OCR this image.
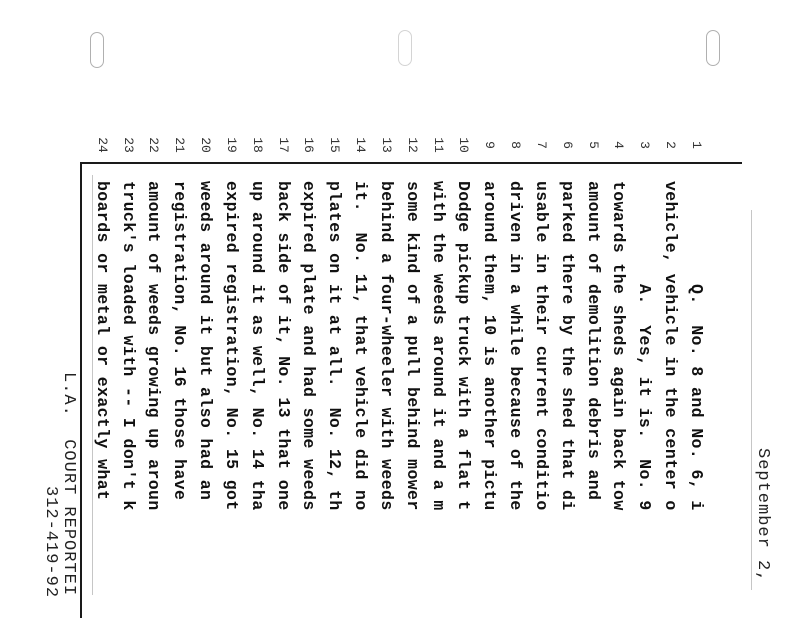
1
2
3
4
5
6
7
8
9
10
11
12
13
14
15
16
17
18
19
20
21
22
23
24
Q.  No. 8 and No. 6, i
vehicle, vehicle in the center o
A.  Yes, it is.  No. 9
towards the sheds again back tow
amount of demolition debris and
parked there by the shed that di
usable in their current conditio
driven in a while because of the
around them, 10 is another pictu
Dodge pickup truck with a flat t
with the weeds around it and a m
some kind of a pull behind mower
behind a four-wheeler with weeds
it.  No. 11, that vehicle did no
plates on it at all.  No. 12, th
expired plate and had some weeds
back side of it, No. 13 that one
up around it as well, No. 14 tha
expired registration, No. 15 got
weeds around it but also had an
registration, No. 16 those have
amount of weeds growing up aroun
truck's loaded with -- I don't k
boards or metal or exactly what
September 2,
L.A.  COURT REPORTEI
312-419-92
